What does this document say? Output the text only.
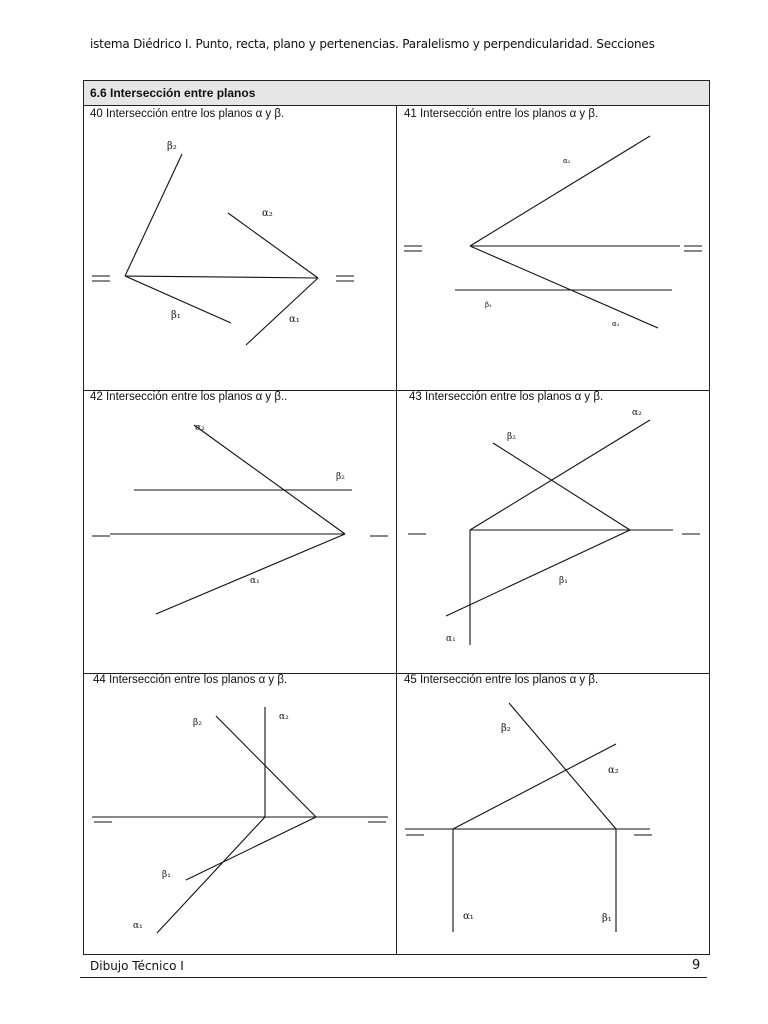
istema Diédrico I. Punto, recta, plano y pertenencias. Paralelismo y perpendicularidad. Secciones
6.6 Intersección entre planos
40 Intersección entre los planos α y β.	41 Intersección entre los planos α y β.
42 Intersección entre los planos α y β..	43 Intersección entre los planos α y β.
44 Intersección entre los planos α y β.	45 Intersección entre los planos α y β.
β₂
α₂
β₁	α₁
α₂
β₁
α₁
α₂
β₂
α₁
α₂
β₂
β₁
α₁
β₂
α₂
β₁
α₁
β₂
α₂
α₁	β₁
Dibujo Técnico I	9
